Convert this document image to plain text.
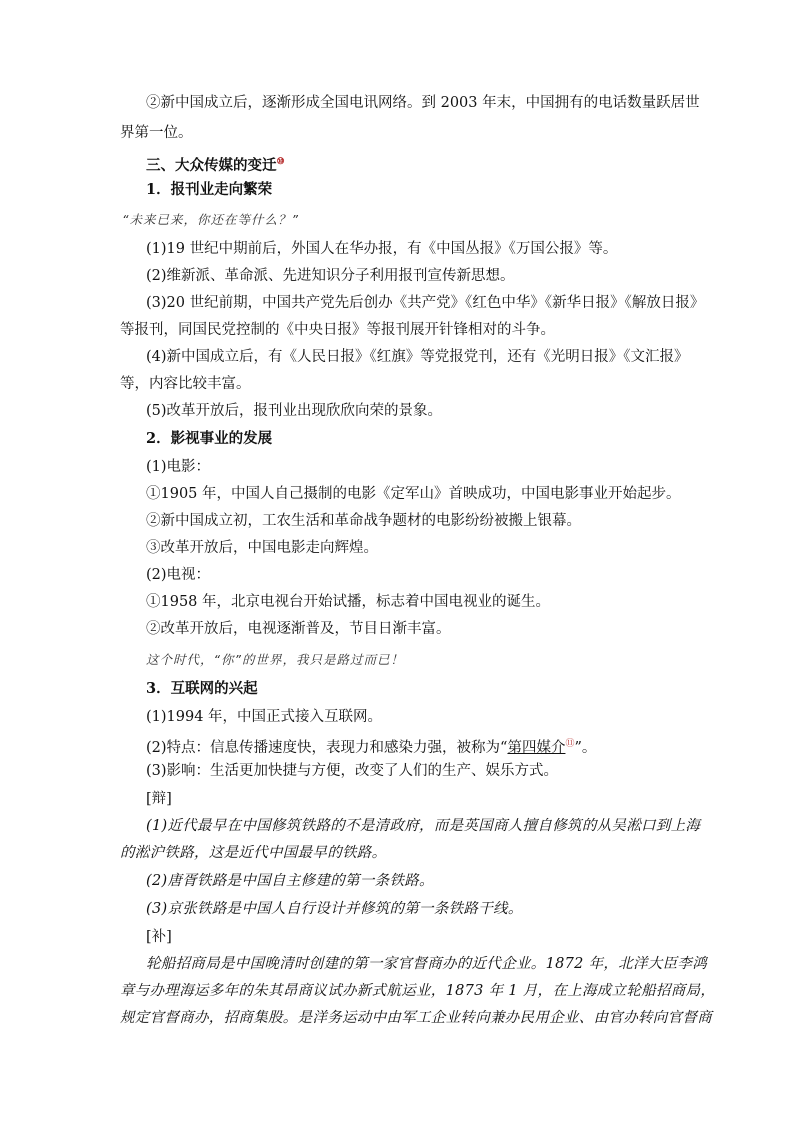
②新中国成立后，逐渐形成全国电讯网络。到 2003 年末，中国拥有的电话数量跃居世
界第一位。
三、大众传媒的变迁⑩
1．报刊业走向繁荣
“未来已来，你还在等什么？”
(1)19 世纪中期前后，外国人在华办报，有《中国丛报》《万国公报》等。
(2)维新派、革命派、先进知识分子利用报刊宣传新思想。
(3)20 世纪前期，中国共产党先后创办《共产党》《红色中华》《新华日报》《解放日报》
等报刊，同国民党控制的《中央日报》等报刊展开针锋相对的斗争。
(4)新中国成立后，有《人民日报》《红旗》等党报党刊，还有《光明日报》《文汇报》
等，内容比较丰富。
(5)改革开放后，报刊业出现欣欣向荣的景象。
2．影视事业的发展
(1)电影：
①1905 年，中国人自己摄制的电影《定军山》首映成功，中国电影事业开始起步。
②新中国成立初，工农生活和革命战争题材的电影纷纷被搬上银幕。
③改革开放后，中国电影走向辉煌。
(2)电视：
①1958 年，北京电视台开始试播，标志着中国电视业的诞生。
②改革开放后，电视逐渐普及，节目日渐丰富。
这个时代，“你”的世界，我只是路过而已！
3．互联网的兴起
(1)1994 年，中国正式接入互联网。
(2)特点：信息传播速度快，表现力和感染力强，被称为“第四媒介⑪”。
(3)影响：生活更加快捷与方便，改变了人们的生产、娱乐方式。
[辩]
(1)近代最早在中国修筑铁路的不是清政府，而是英国商人擅自修筑的从吴淞口到上海
的淞沪铁路，这是近代中国最早的铁路。
(2)唐胥铁路是中国自主修建的第一条铁路。
(3)京张铁路是中国人自行设计并修筑的第一条铁路干线。
[补]
轮船招商局是中国晚清时创建的第一家官督商办的近代企业。1872 年，北洋大臣李鸿
章与办理海运多年的朱其昂商议试办新式航运业，1873 年 1 月，在上海成立轮船招商局，
规定官督商办，招商集股。是洋务运动中由军工企业转向兼办民用企业、由官办转向官督商
